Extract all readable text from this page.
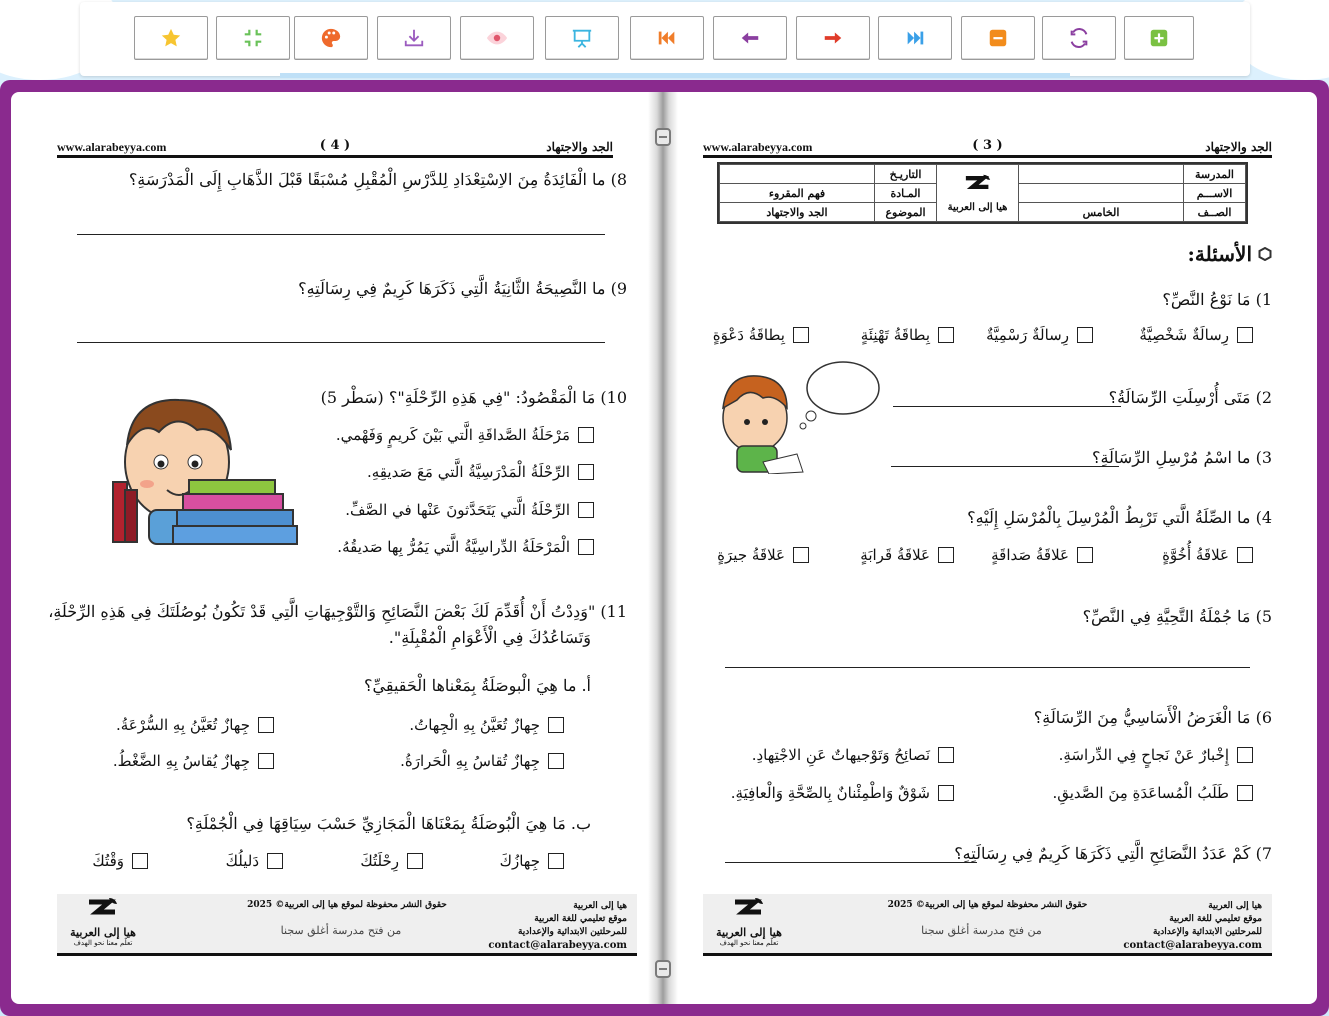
الجد والاجتهاد
( 4 )
www.alarabeyya.com
8) ما الْفَائِدَةُ مِنَ الاِسْتِعْدَادِ لِلدَّرْسِ الْمُقْبِلِ مُسْبَقًا قَبْلَ الذَّهَابِ إِلَى الْمَدْرَسَةِ؟
9) ما النَّصِيحَةُ الثَّانِيَةُ الَّتِي ذَكَرَهَا كَرِيمٌ فِي رِسَالَتِهِ؟
10) مَا الْمَقْصُودُ: "فِي هَذِهِ الرِّحْلَةِ"؟ (سَطْر 5)
مَرْحَلَةُ الصَّداقَةِ الَّتي بَيْنَ كَريمٍ وَفَهْمي.
الرِّحْلَةُ الْمَدْرَسِيَّةُ الَّتي مَعَ صَديقِهِ.
الرِّحْلَةُ الَّتي يَتَحَدَّثونَ عَنْها في الصَّفِّ.
الْمَرْحَلَةُ الدِّراسِيَّةُ الَّتي يَمُرُّ بِها صَديقُهُ.
11) "وَدِدْتُ أَنْ أُقَدِّمَ لَكَ بَعْضَ النَّصَائِحِ وَالتَّوْجِيهَاتِ الَّتِي قَدْ تَكُونُ بُوصُلَتَكَ فِي هَذِهِ الرِّحْلَةِ،
وَتَسَاعُدُكَ فِي الْأَعْوَامِ الْمُقْبِلَةِ".
أ. ما هِيَ الْبوصَلَةُ بِمَعْناها الْحَقيقِيِّ؟
جِهازٌ تُعَيَّنُ بِهِ الْجِهاتُ.
جِهازٌ تُعَيَّنُ بِهِ السُّرْعَةُ.
جِهازٌ تُقاسُ بِهِ الْحَرارَةُ.
جِهازٌ يُقاسُ بِهِ الضَّغْطُ.
ب. مَا هِيَ الْبُوصَلَةُ بِمَعْنَاهَا الْمَجَازِيِّ حَسْبَ سِيَاقِهَا فِي الْجُمْلَةِ؟
جِهازُكَ
رِحْلَتُكَ
دَليلُكَ
وَقْتُكَ
هيا إلى العربية
موقع تعليمي للغة العربية
للمرحلتين الابتدائية والإعدادية
contact@alarabeyya.com
حقوق النشر محفوظة لموقع هيا إلى العربية© 2025
من فتح مدرسة أغلق سجنا
هيا إلى العربية
تعلّم معنا نحو الهدف
الجد والاجتهاد
( 3 )
www.alarabeyya.com
المدرسة		هيا إلى العربية	التاريـخ	
الاســـم			المـادة	فهم المقروء
الصــف	الخامس		الموضوع	الجد والاجتهاد
الأسئلة:
1) مَا نَوْعُ النَّصِّ؟
رِسالَةٌ شَخْصِيَّةٌ
رِسالَةٌ رَسْمِيَّةٌ
بِطاقَةُ تَهْنِئَةٍ
بِطاقَةُ دَعْوَةٍ
2) مَتَى أُرْسِلَتِ الرِّسَالَةُ؟
3) ما اسْمُ مُرْسِلِ الرِّسَالَةِ؟
4) ما الصِّلَةُ الَّتي تَرْبِطُ الْمُرْسِلَ بِالْمُرْسَلِ إِلَيْهِ؟
عَلاقَةُ أُخُوَّةٍ
عَلاقَةُ صَداقَةٍ
عَلاقَةُ قَرابَةٍ
عَلاقَةُ جيرَةٍ
5) مَا جُمْلَةُ التَّحِيَّةِ فِي النَّصِّ؟
6) مَا الْغَرَضُ الْأَسَاسِيُّ مِنَ الرِّسَالَةِ؟
إِخْبارٌ عَنْ نَجاحٍ فِي الدِّراسَةِ.
نَصائِحُ وَتَوْجيهاتٌ عَنِ الاجْتِهادِ.
طَلَبُ الْمُساعَدَةِ مِنَ الصَّديقِ.
شَوْقٌ وَاطْمِئْنانٌ بِالصِّحَّةِ وَالْعافِيَةِ.
7) كَمْ عَدَدُ النَّصَائِحِ الَّتِي ذَكَرَهَا كَرِيمٌ فِي رِسَالَتِهِ؟
هيا إلى العربية
موقع تعليمي للغة العربية
للمرحلتين الابتدائية والإعدادية
contact@alarabeyya.com
حقوق النشر محفوظة لموقع هيا إلى العربية© 2025
من فتح مدرسة أغلق سجنا
هيا إلى العربية
تعلّم معنا نحو الهدف
